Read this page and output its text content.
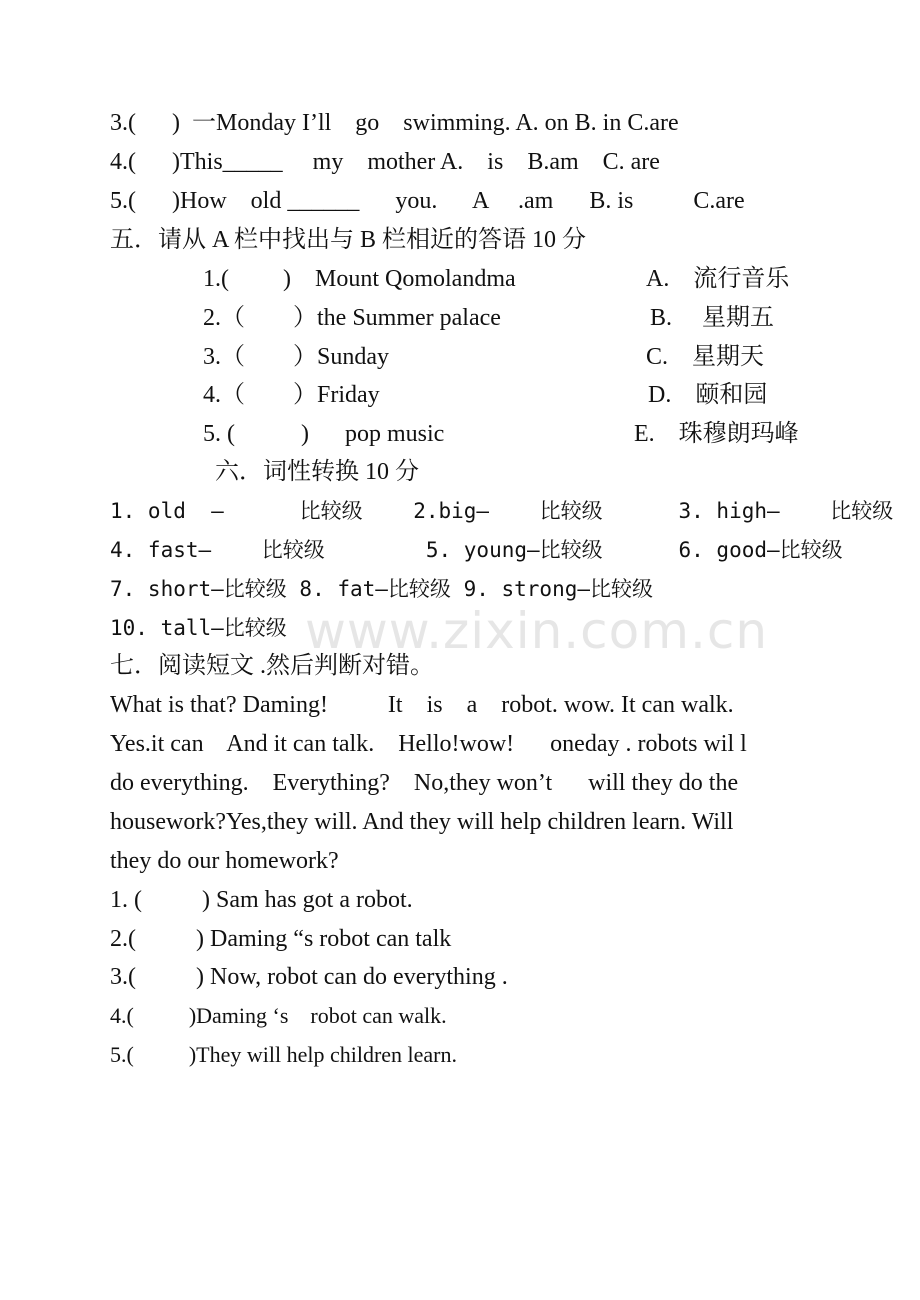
www.zixin.com.cn
3.(      )  一Monday I’ll    go    swimming. A. on B. in C.are
4.(      )This_____     my    mother A.    is    B.am    C. are
5.(      )How    old ______      you.      A     .am      B. is          C.are
五．请从 A 栏中找出与 B 栏相近的答语 10 分
1.(         )    Mount Qomolandma	A.    流行音乐
2.（        ）the Summer palace	B.     星期五
3.（        ）Sunday	C.    星期天
4.（        ）Friday	D.    颐和园
5. (           )      pop music	E.    珠穆朗玛峰
六．词性转换 10 分
1. old  —      比较级    2.big—    比较级      3. high—    比较级
4. fast—    比较级        5. young—比较级      6. good—比较级
7. short—比较级 8. fat—比较级 9. strong—比较级
10. tall—比较级
七．阅读短文 .然后判断对错。
What is that? Daming!          It    is    a    robot. wow. It can walk.
Yes.it can    And it can talk.    Hello!wow!      oneday . robots wil l
do everything.    Everything?    No,they won’t      will they do the
housework?Yes,they will. And they will help children learn. Will
they do our homework?
1. (          ) Sam has got a robot.
2.(          ) Daming “s robot can talk
3.(          ) Now, robot can do everything .
4.(          )Daming ‘s    robot can walk.
5.(          )They will help children learn.
